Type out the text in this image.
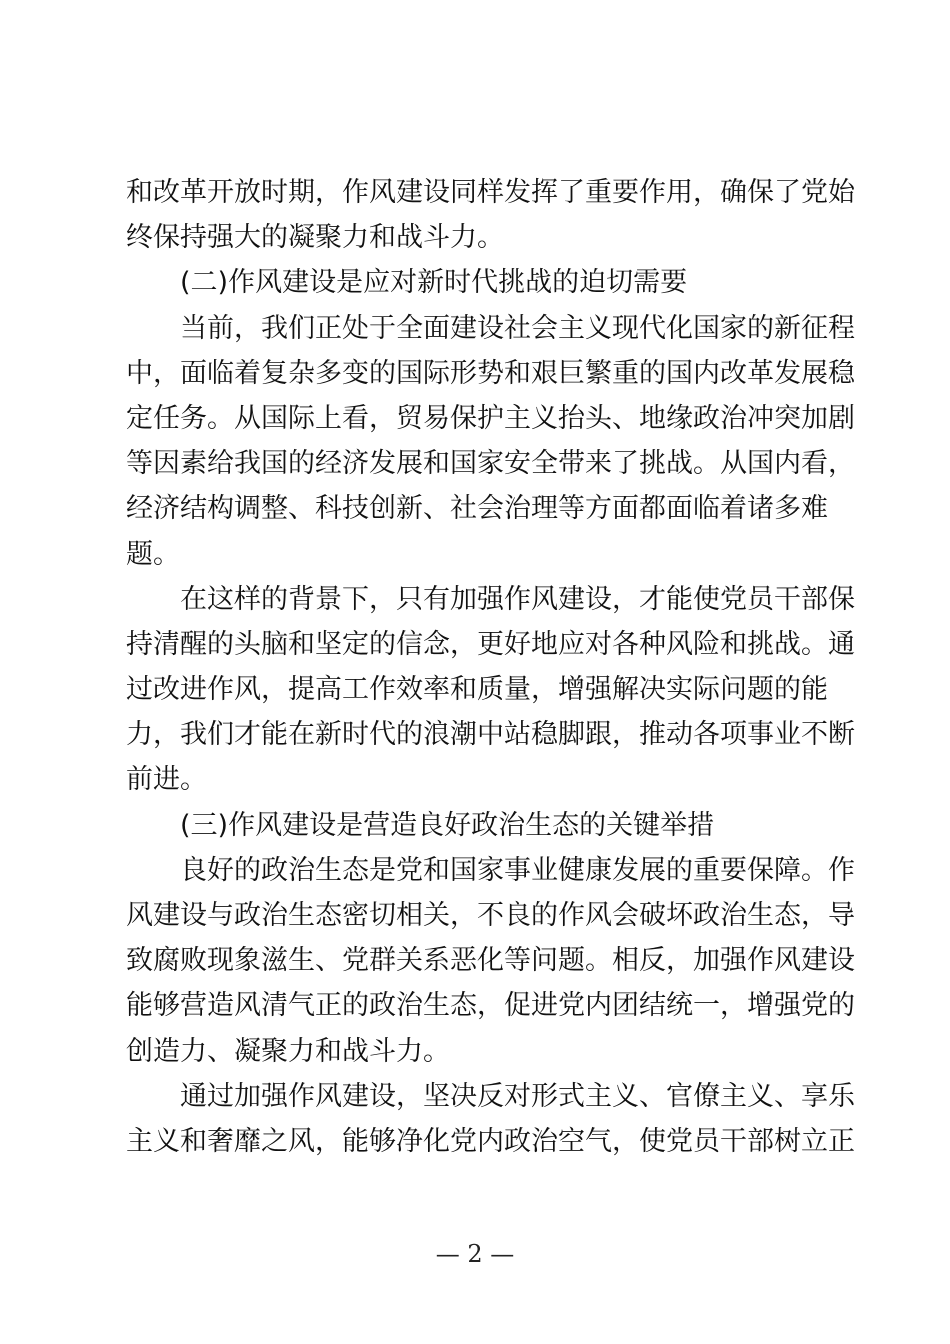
和改革开放时期，作风建设同样发挥了重要作用，确保了党始
终保持强大的凝聚力和战斗力。
(二)作风建设是应对新时代挑战的迫切需要
当前，我们正处于全面建设社会主义现代化国家的新征程
中，面临着复杂多变的国际形势和艰巨繁重的国内改革发展稳
定任务。从国际上看，贸易保护主义抬头、地缘政治冲突加剧
等因素给我国的经济发展和国家安全带来了挑战。从国内看，
经济结构调整、科技创新、社会治理等方面都面临着诸多难
题。
在这样的背景下，只有加强作风建设，才能使党员干部保
持清醒的头脑和坚定的信念，更好地应对各种风险和挑战。通
过改进作风，提高工作效率和质量，增强解决实际问题的能
力，我们才能在新时代的浪潮中站稳脚跟，推动各项事业不断
前进。
(三)作风建设是营造良好政治生态的关键举措
良好的政治生态是党和国家事业健康发展的重要保障。作
风建设与政治生态密切相关，不良的作风会破坏政治生态，导
致腐败现象滋生、党群关系恶化等问题。相反，加强作风建设
能够营造风清气正的政治生态，促进党内团结统一，增强党的
创造力、凝聚力和战斗力。
通过加强作风建设，坚决反对形式主义、官僚主义、享乐
主义和奢靡之风，能够净化党内政治空气，使党员干部树立正
— 2 —
